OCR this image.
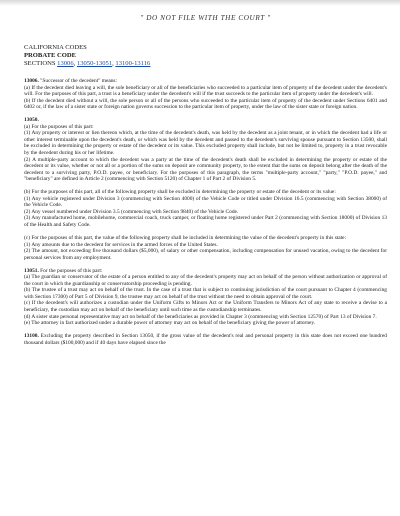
" DO NOT FILE WITH THE COURT "

CALIFORNIA CODES
PROBATE CODE
SECTIONS 13006, 13050-13051, 13100-13116

13006. "Successor of the decedent" means:

(a) If the decedent died leaving a will, the sole beneficiary or all of the beneficiaries who succeeded to a particular item of property of the decedent under the decedent's will. For the purposes of this part, a trust is a beneficiary under the decedent's will if the trust succeeds to the particular item of property under the decedent's will.

(b) If the decedent died without a will, the sole person or all of the persons who succeeded to the particular item of property of the decedent under Sections 6401 and 6402 or, if the law of a sister state or foreign nation governs succession to the particular item of property, under the law of the sister state or foreign nation.

13050.

(a) For the purposes of this part:

(1) Any property or interest or lien thereon which, at the time of the decedent's death, was held by the decedent as a joint tenant, or in which the decedent had a life or other interest terminable upon the decedent's death, or which was held by the decedent and passed to the decedent's surviving spouse pursuant to Section 13500, shall be excluded in determining the property or estate of the decedent or its value. This excluded property shall include, but not be limited to, property in a trust revocable by the decedent during his or her lifetime.

(2) A multiple-party account to which the decedent was a party at the time of the decedent's death shall be excluded in determining the property or estate of the decedent or its value, whether or not all or a portion of the sums on deposit are community property, to the extent that the sums on deposit belong after the death of the decedent to a surviving party, P.O.D. payee, or beneficiary. For the purposes of this paragraph, the terms "multiple-party account," "party," "P.O.D. payee," and "beneficiary" are defined in Article 2 (commencing with Section 5120) of Chapter 1 of Part 2 of Division 5.

(b) For the purposes of this part, all of the following property shall be excluded in determining the property or estate of the decedent or its value:

(1) Any vehicle registered under Division 3 (commencing with Section 4000) of the Vehicle Code or titled under Division 16.5 (commencing with Section 38000) of the Vehicle Code.

(2) Any vessel numbered under Division 3.5 (commencing with Section 9840) of the Vehicle Code.

(3) Any manufactured home, mobilehome, commercial coach, truck camper, or floating home registered under Part 2 (commencing with Section 18000) of Division 13 of the Health and Safety Code.

(c) For the purposes of this part, the value of the following property shall be included in determining the value of the decedent's property in this state:

(1) Any amounts due to the decedent for services in the armed forces of the United States.

(2) The amount, not exceeding five thousand dollars ($5,000), of salary or other compensation, including compensation for unused vacation, owing to the decedent for personal services from any employment.

13051. For the purposes of this part:

(a) The guardian or conservator of the estate of a person entitled to any of the decedent's property may act on behalf of the person without authorization or approval of the court in which the guardianship or conservatorship proceeding is pending.

(b) The trustee of a trust may act on behalf of the trust. In the case of a trust that is subject to continuing jurisdiction of the court pursuant to Chapter 4 (commencing with Section 17300) of Part 5 of Division 9, the trustee may act on behalf of the trust without the need to obtain approval of the court.

(c) If the decedent's will authorizes a custodian under the Uniform Gifts to Minors Act or the Uniform Transfers to Minors Act of any state to receive a devise to a beneficiary, the custodian may act on behalf of the beneficiary until such time as the custodianship terminates.

(d) A sister state personal representative may act on behalf of the beneficiaries as provided in Chapter 3 (commencing with Section 12570) of Part 13 of Division 7.

(e) The attorney in fact authorized under a durable power of attorney may act on behalf of the beneficiary giving the power of attorney.

13100. Excluding the property described in Section 13050, if the gross value of the decedent's real and personal property in this state does not exceed one hundred thousand dollars ($100,000) and if 40 days have elapsed since the
